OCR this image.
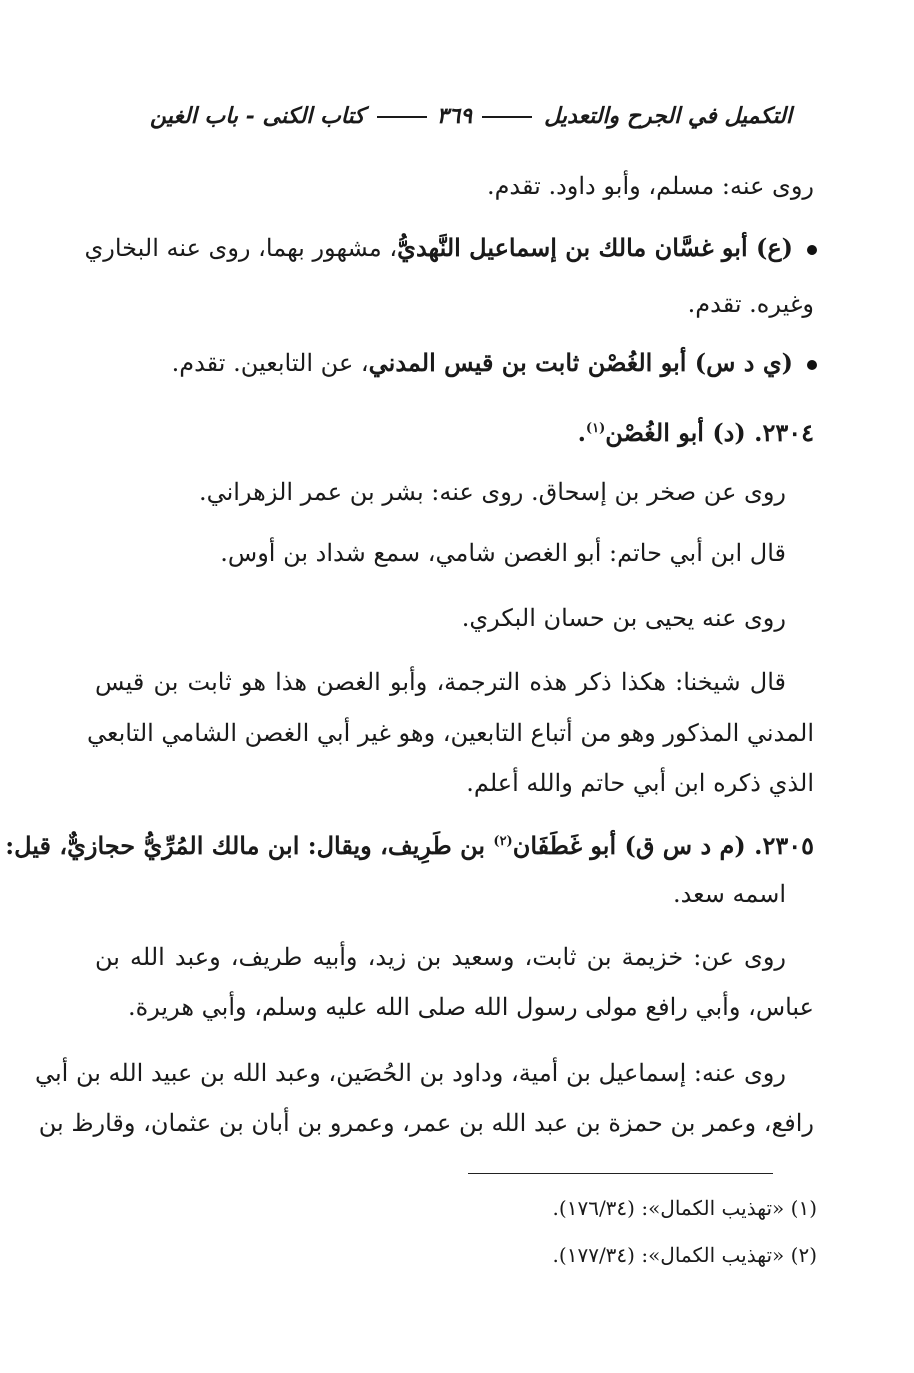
التكميل في الجرح والتعديل
٣٦٩
كتاب الكنى - باب الغين
روى عنه: مسلم، وأبو داود. تقدم.
(ع) أبو غسَّان مالك بن إسماعيل النَّهديُّ، مشهور بهما، روى عنه البخاري
وغيره. تقدم.
(ي د س) أبو الغُصْن ثابت بن قيس المدني، عن التابعين. تقدم.
٢٣٠٤. (د) أبو الغُصْن$^{(١)}$.
روى عن صخر بن إسحاق. روى عنه: بشر بن عمر الزهراني.
قال ابن أبي حاتم: أبو الغصن شامي، سمع شداد بن أوس.
روى عنه يحيى بن حسان البكري.
قال شيخنا: هكذا ذكر هذه الترجمة، وأبو الغصن هذا هو ثابت بن قيس
المدني المذكور وهو من أتباع التابعين، وهو غير أبي الغصن الشامي التابعي
الذي ذكره ابن أبي حاتم والله أعلم.
٢٣٠٥. (م د س ق) أبو غَطَفَان$^{(٢)}$ بن طَرِيف، ويقال: ابن مالك المُرِّيُّ حجازيٌّ، قيل:
اسمه سعد.
روى عن: خزيمة بن ثابت، وسعيد بن زيد، وأبيه طريف، وعبد الله بن
عباس، وأبي رافع مولى رسول الله صلى الله عليه وسلم، وأبي هريرة.
روى عنه: إسماعيل بن أمية، وداود بن الحُصَين، وعبد الله بن عبيد الله بن أبي
رافع، وعمر بن حمزة بن عبد الله بن عمر، وعمرو بن أبان بن عثمان، وقارظ بن
(١) «تهذيب الكمال»: (١٧٦/٣٤).
(٢) «تهذيب الكمال»: (١٧٧/٣٤).
